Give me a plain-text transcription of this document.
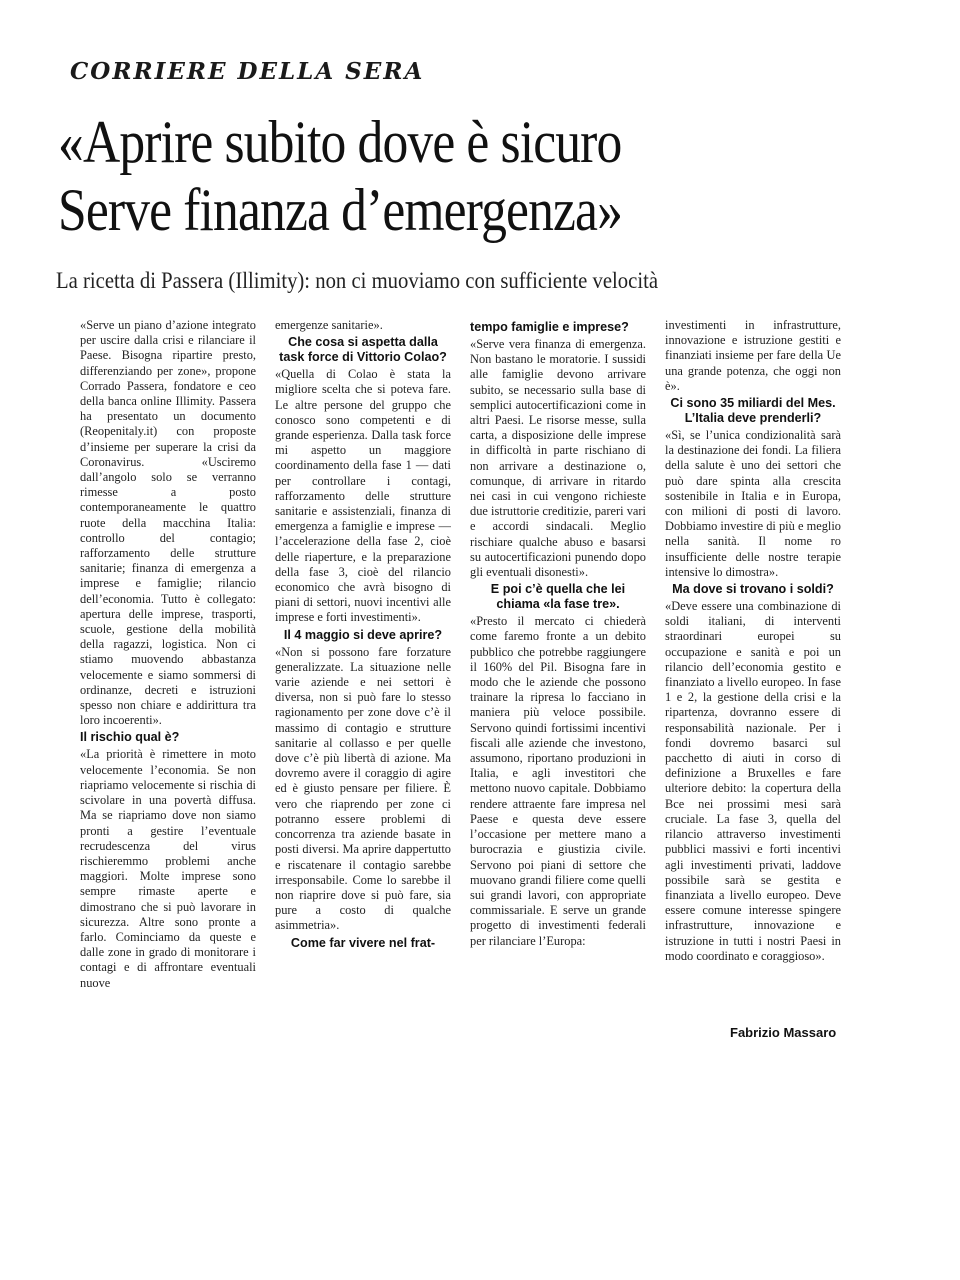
CORRIERE DELLA SERA
«Aprire subito dove è sicuro
Serve finanza d’emergenza»
La ricetta di Passera (Illimity): non ci muoviamo con sufficiente velocità

«Serve un piano d’azione integrato per uscire dalla crisi e rilanciare il Paese. Bisogna ripartire presto, differenziando per zone», propone Corrado Passera, fondatore e ceo della banca online Illimity. Passera ha presentato un documento (Reopenitaly.it) con proposte d’insieme per superare la crisi da Coronavirus. «Usciremo dall’angolo solo se verranno rimesse a posto contemporaneamente le quattro ruote della macchina Italia: controllo del contagio; rafforzamento delle strutture sanitarie; finanza di emergenza a imprese e famiglie; rilancio dell’economia. Tutto è collegato: apertura delle imprese, trasporti, scuole, gestione della mobilità della ragazzi, logistica. Non ci stiamo muovendo abbastanza velocemente e siamo sommersi di ordinanze, decreti e istruzioni spesso non chiare e addirittura tra loro incoerenti».

Il rischio qual è?

«La priorità è rimettere in moto velocemente l’economia. Se non riapriamo velocemente si rischia di scivolare in una povertà diffusa. Ma se riapriamo dove non siamo pronti a gestire l’eventuale recrudescenza del virus rischieremmo problemi anche maggiori. Molte imprese sono sempre rimaste aperte e dimostrano che si può lavorare in sicurezza. Altre sono pronte a farlo. Cominciamo da queste e dalle zone in grado di monitorare i contagi e di affrontare eventuali nuove

emergenze sanitarie».

Che cosa si aspetta dalla task force di Vittorio Colao?

«Quella di Colao è stata la migliore scelta che si poteva fare. Le altre persone del gruppo che conosco sono competenti e di grande esperienza. Dalla task force mi aspetto un maggiore coordinamento della fase 1 — dati per controllare i contagi, rafforzamento delle strutture sanitarie e assistenziali, finanza di emergenza a famiglie e imprese — l’accelerazione della fase 2, cioè delle riaperture, e la preparazione della fase 3, cioè del rilancio economico che avrà bisogno di piani di settori, nuovi incentivi alle imprese e forti investimenti».

Il 4 maggio si deve aprire?

«Non si possono fare forzature generalizzate. La situazione nelle varie aziende e nei settori è diversa, non si può fare lo stesso ragionamento per zone dove c’è il massimo di contagio e strutture sanitarie al collasso e per quelle dove c’è più libertà di azione. Ma dovremo avere il coraggio di agire ed è giusto pensare per filiere. È vero che riaprendo per zone ci potranno essere problemi di concorrenza tra aziende basate in posti diversi. Ma aprire dappertutto e riscatenare il contagio sarebbe irresponsabile. Come lo sarebbe il non riaprire dove si può fare, sia pure a costo di qualche asimmetria».

Come far vivere nel frat-
tempo famiglie e imprese?

«Serve vera finanza di emergenza. Non bastano le moratorie. I sussidi alle famiglie devono arrivare subito, se necessario sulla base di semplici autocertificazioni come in altri Paesi. Le risorse messe, sulla carta, a disposizione delle imprese in difficoltà in parte rischiano di non arrivare a destinazione o, comunque, di arrivare in ritardo nei casi in cui vengono richieste due istruttorie creditizie, pareri vari e accordi sindacali. Meglio rischiare qualche abuso e basarsi su autocertificazioni punendo dopo gli eventuali disonesti».

E poi c’è quella che lei chiama «la fase tre».

«Presto il mercato ci chiederà come faremo fronte a un debito pubblico che potrebbe raggiungere il 160% del Pil. Bisogna fare in modo che le aziende che possono trainare la ripresa lo facciano in maniera più veloce possibile. Servono quindi fortissimi incentivi fiscali alle aziende che investono, assumono, riportano produzioni in Italia, e agli investitori che mettono nuovo capitale. Dobbiamo rendere attraente fare impresa nel Paese e questa deve essere l’occasione per mettere mano a burocrazia e giustizia civile. Servono poi piani di settore che muovano grandi filiere come quelli sui grandi lavori, con appropriate commissariale. E serve un grande progetto di investimenti federali per rilanciare l’Europa:

investimenti in infrastrutture, innovazione e istruzione gestiti e finanziati insieme per fare della Ue una grande potenza, che oggi non è».

Ci sono 35 miliardi del Mes. L’Italia deve prenderli?

«Sì, se l’unica condizionalità sarà la destinazione dei fondi. La filiera della salute è uno dei settori che può dare spinta alla crescita sostenibile in Italia e in Europa, con milioni di posti di lavoro. Dobbiamo investire di più e meglio nella sanità. Il nome ro insufficiente delle nostre terapie intensive lo dimostra».

Ma dove si trovano i soldi?

«Deve essere una combinazione di soldi italiani, di interventi straordinari europei su occupazione e sanità e poi un rilancio dell’economia gestito e finanziato a livello europeo. In fase 1 e 2, la gestione della crisi e la ripartenza, dovranno essere di responsabilità nazionale. Per i fondi dovremo basarci sul pacchetto di aiuti in corso di definizione a Bruxelles e fare ulteriore debito: la copertura della Bce nei prossimi mesi sarà cruciale. La fase 3, quella del rilancio attraverso investimenti pubblici massivi e forti incentivi agli investimenti privati, laddove possibile sarà se gestita e finanziata a livello europeo. Deve essere comune interesse spingere infrastrutture, innovazione e istruzione in tutti i nostri Paesi in modo coordinato e coraggioso».

Fabrizio Massaro
